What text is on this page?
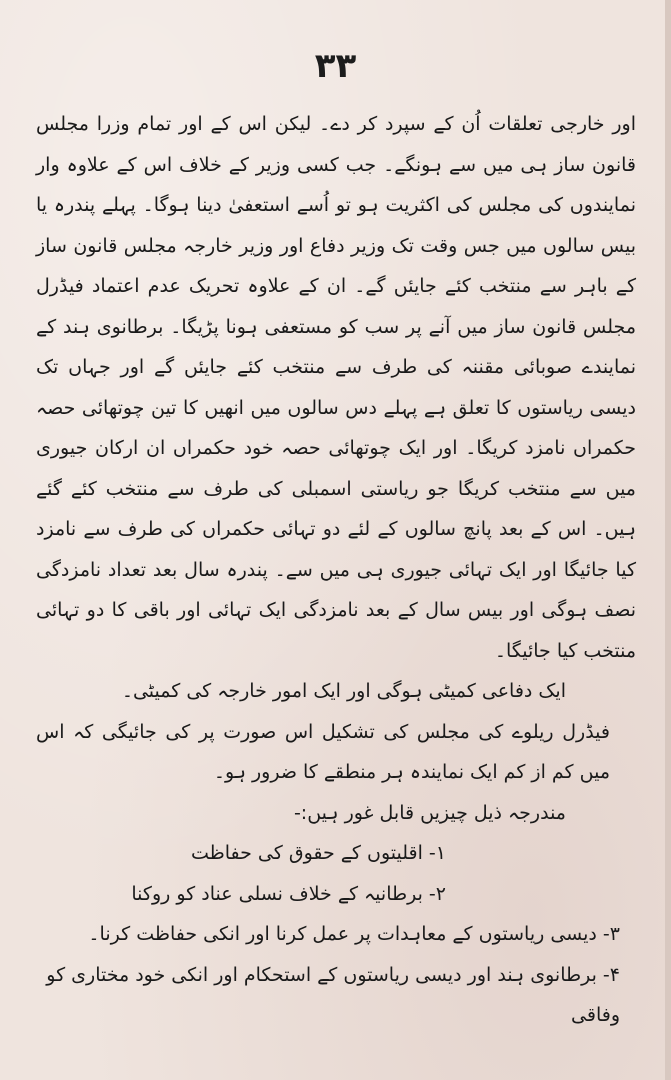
۳۳

اور خارجی تعلقات اُن کے سپرد کر دے۔ لیکن اس کے اور تمام وزرا مجلس قانون ساز ہی میں سے ہونگے۔ جب کسی وزیر کے خلاف اس کے علاوہ وار نمایندوں کی مجلس کی اکثریت ہو تو اُسے استعفیٰ دینا ہوگا۔ پہلے پندرہ یا بیس سالوں میں جس وقت تک وزیر دفاع اور وزیر خارجہ مجلس قانون ساز کے باہر سے منتخب کئے جایئں گے۔ ان کے علاوہ تحریک عدم اعتماد فیڈرل مجلس قانون ساز میں آنے پر سب کو مستعفی ہونا پڑیگا۔ برطانوی ہند کے نمایندے صوبائی مقننہ کی طرف سے منتخب کئے جایئں گے اور جہاں تک دیسی ریاستوں کا تعلق ہے پہلے دس سالوں میں انھیں کا تین چوتھائی حصہ حکمراں نامزد کریگا۔ اور ایک چوتھائی حصہ خود حکمراں ان ارکان جیوری میں سے منتخب کریگا جو ریاستی اسمبلی کی طرف سے منتخب کئے گئے ہیں۔ اس کے بعد پانچ سالوں کے لئے دو تہائی حکمراں کی طرف سے نامزد کیا جائیگا اور ایک تہائی جیوری ہی میں سے۔ پندرہ سال بعد تعداد نامزدگی نصف ہوگی اور بیس سال کے بعد نامزدگی ایک تہائی اور باقی کا دو تہائی منتخب کیا جائیگا۔

ایک دفاعی کمیٹی ہوگی اور ایک امور خارجہ کی کمیٹی۔

فیڈرل ریلوے کی مجلس کی تشکیل اس صورت پر کی جائیگی کہ اس میں کم از کم ایک نمایندہ ہر منطقے کا ضرور ہو۔

مندرجہ ذیل چیزیں قابل غور ہیں:-

۱- اقلیتوں کے حقوق کی حفاظت
۲- برطانیہ کے خلاف نسلی عناد کو روکنا
۳- دیسی ریاستوں کے معاہدات پر عمل کرنا اور انکی حفاظت کرنا۔
۴- برطانوی ہند اور دیسی ریاستوں کے استحکام اور انکی خود مختاری کو وفاقی
